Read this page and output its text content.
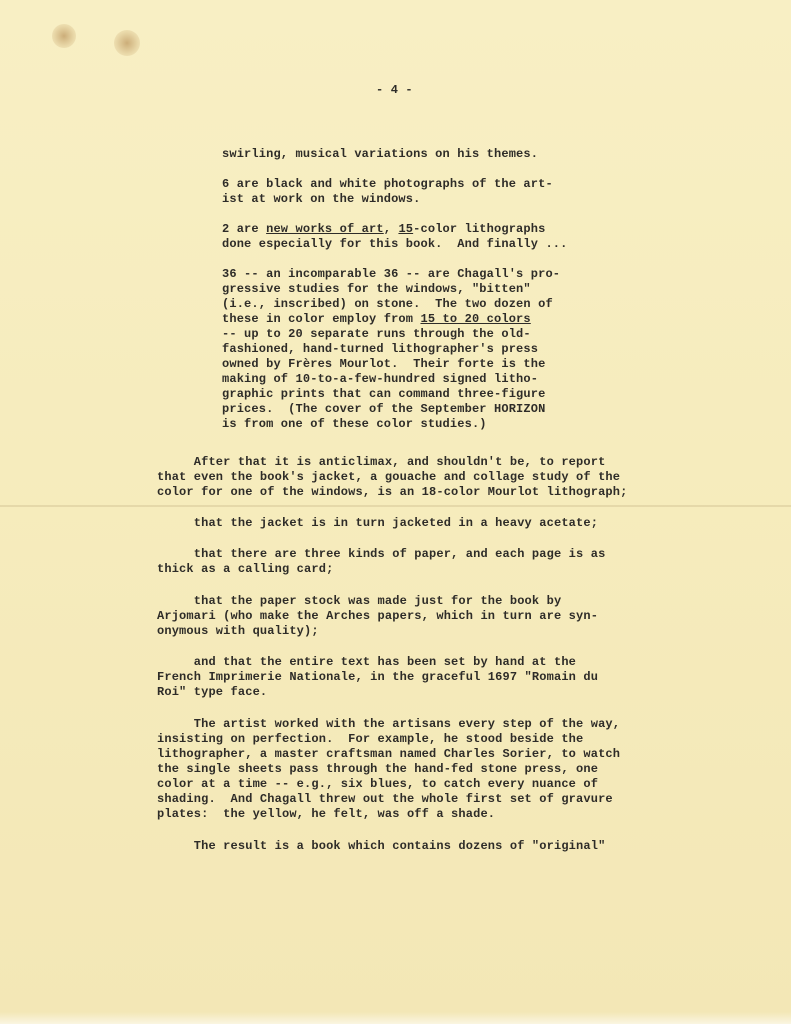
- 4 -
swirling, musical variations on his themes.
6 are black and white photographs of the art-
ist at work on the windows.
2 are new works of art, 15-color lithographs
done especially for this book.  And finally ...
36 -- an incomparable 36 -- are Chagall's pro-
gressive studies for the windows, "bitten"
(i.e., inscribed) on stone.  The two dozen of
these in color employ from 15 to 20 colors
-- up to 20 separate runs through the old-
fashioned, hand-turned lithographer's press
owned by Frères Mourlot.  Their forte is the
making of 10-to-a-few-hundred signed litho-
graphic prints that can command three-figure
prices.  (The cover of the September HORIZON
is from one of these color studies.)
After that it is anticlimax, and shouldn't be, to report
that even the book's jacket, a gouache and collage study of the
color for one of the windows, is an 18-color Mourlot lithograph;
that the jacket is in turn jacketed in a heavy acetate;
that there are three kinds of paper, and each page is as
thick as a calling card;
that the paper stock was made just for the book by
Arjomari (who make the Arches papers, which in turn are syn-
onymous with quality);
and that the entire text has been set by hand at the
French Imprimerie Nationale, in the graceful 1697 "Romain du
Roi" type face.
The artist worked with the artisans every step of the way,
insisting on perfection.  For example, he stood beside the
lithographer, a master craftsman named Charles Sorier, to watch
the single sheets pass through the hand-fed stone press, one
color at a time -- e.g., six blues, to catch every nuance of
shading.  And Chagall threw out the whole first set of gravure
plates:  the yellow, he felt, was off a shade.
The result is a book which contains dozens of "original"
